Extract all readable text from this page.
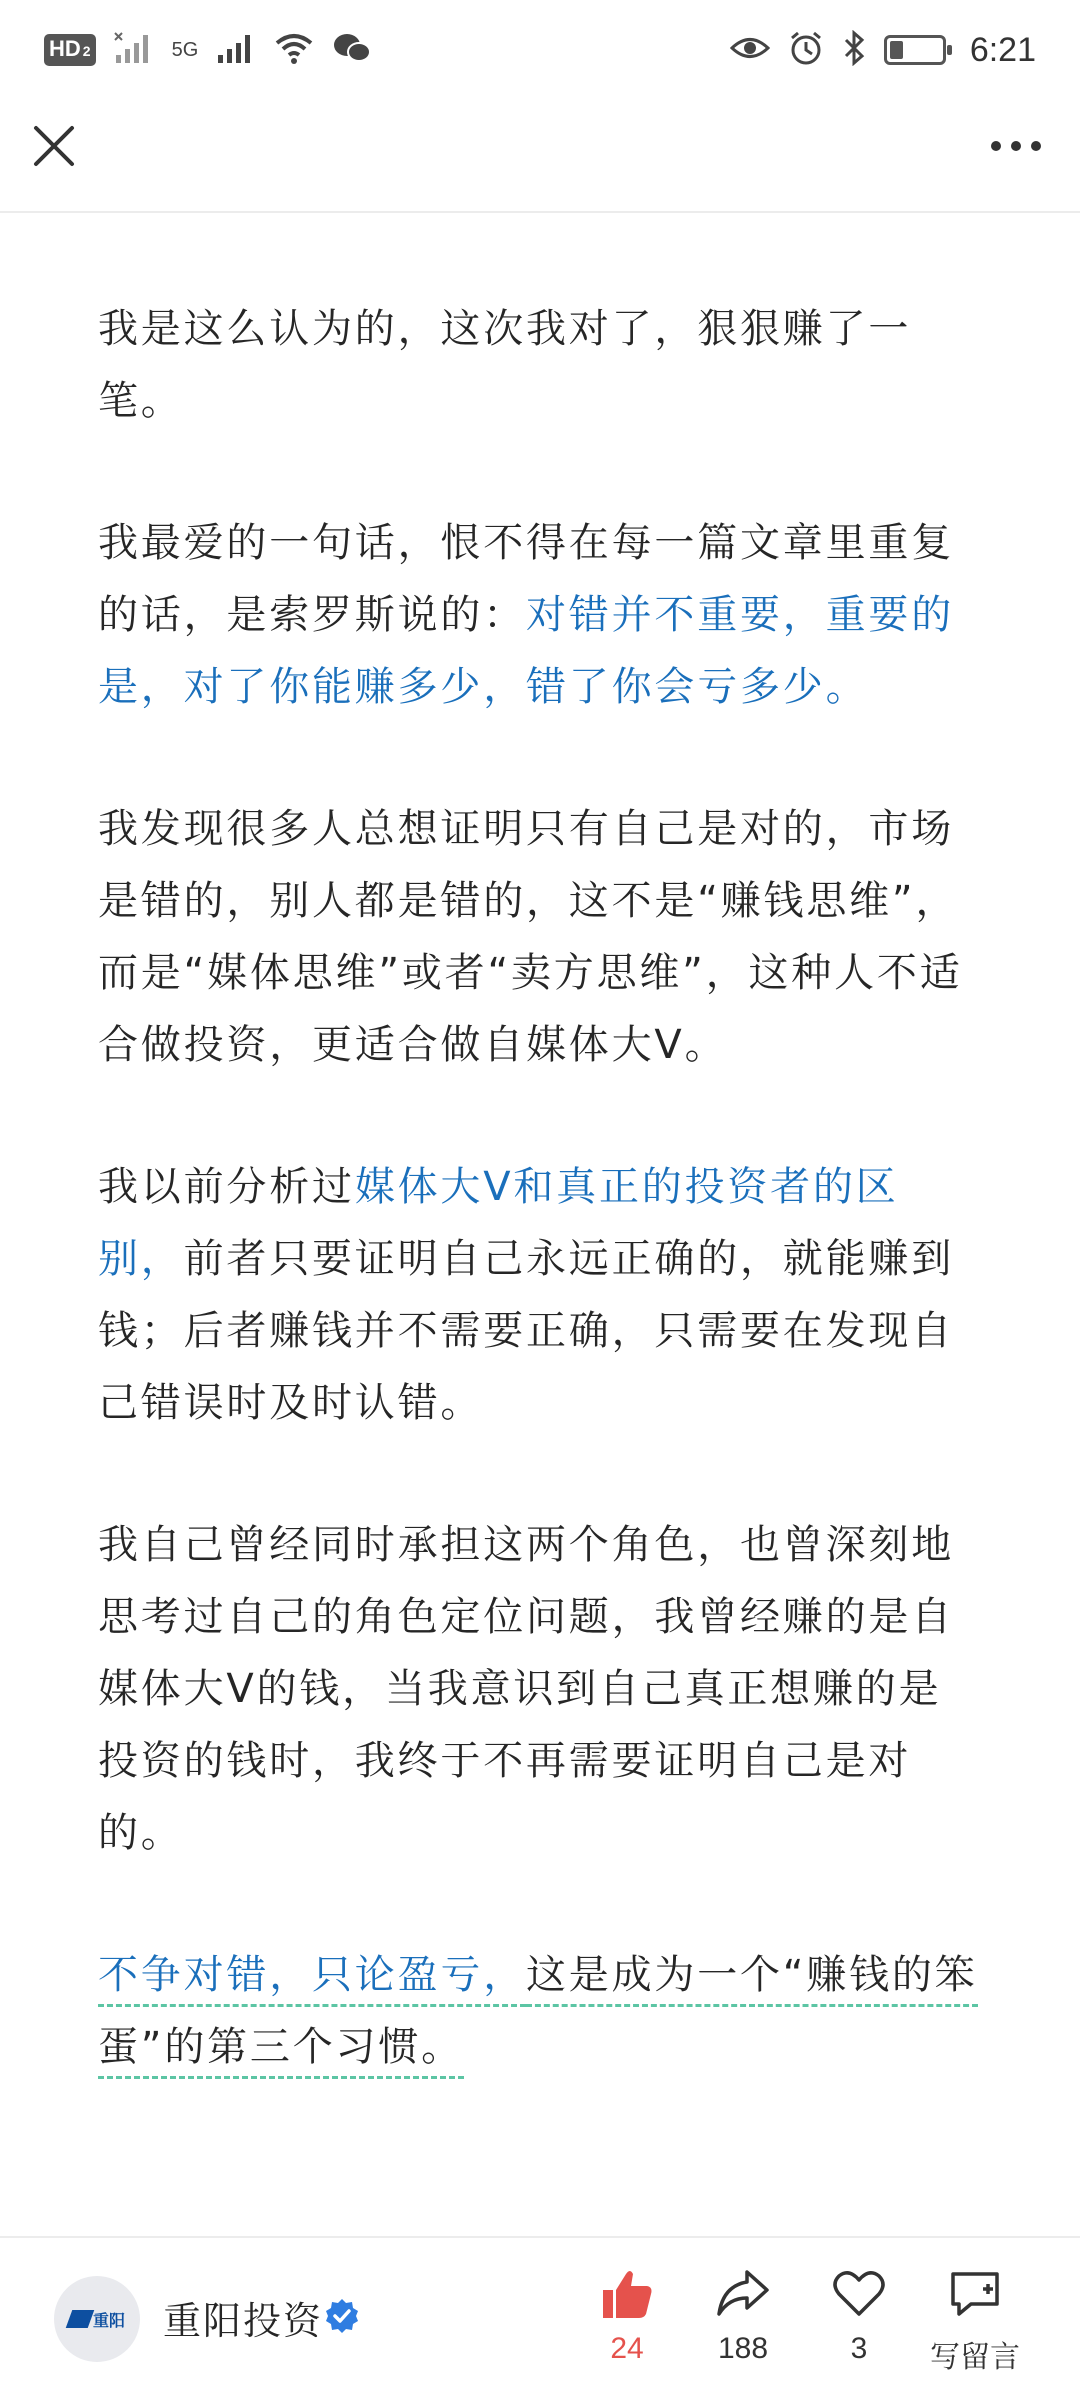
HD 2	5G	6:21

我是这么认为的，这次我对了，狠狠赚了一笔。

我最爱的一句话，恨不得在每一篇文章里重复的话，是索罗斯说的：对错并不重要，重要的是，对了你能赚多少，错了你会亏多少。

我发现很多人总想证明只有自己是对的，市场是错的，别人都是错的，这不是“赚钱思维”，而是“媒体思维”或者“卖方思维”，这种人不适合做投资，更适合做自媒体大V。

我以前分析过媒体大V和真正的投资者的区别，前者只要证明自己永远正确的，就能赚到钱；后者赚钱并不需要正确，只需要在发现自己错误时及时认错。

我自己曾经同时承担这两个角色，也曾深刻地思考过自己的角色定位问题，我曾经赚的是自媒体大V的钱，当我意识到自己真正想赚的是投资的钱时，我终于不再需要证明自己是对的。

不争对错，只论盈亏，这是成为一个“赚钱的笨蛋”的第三个习惯。

重阳 重阳投资
24	188	3	写留言
